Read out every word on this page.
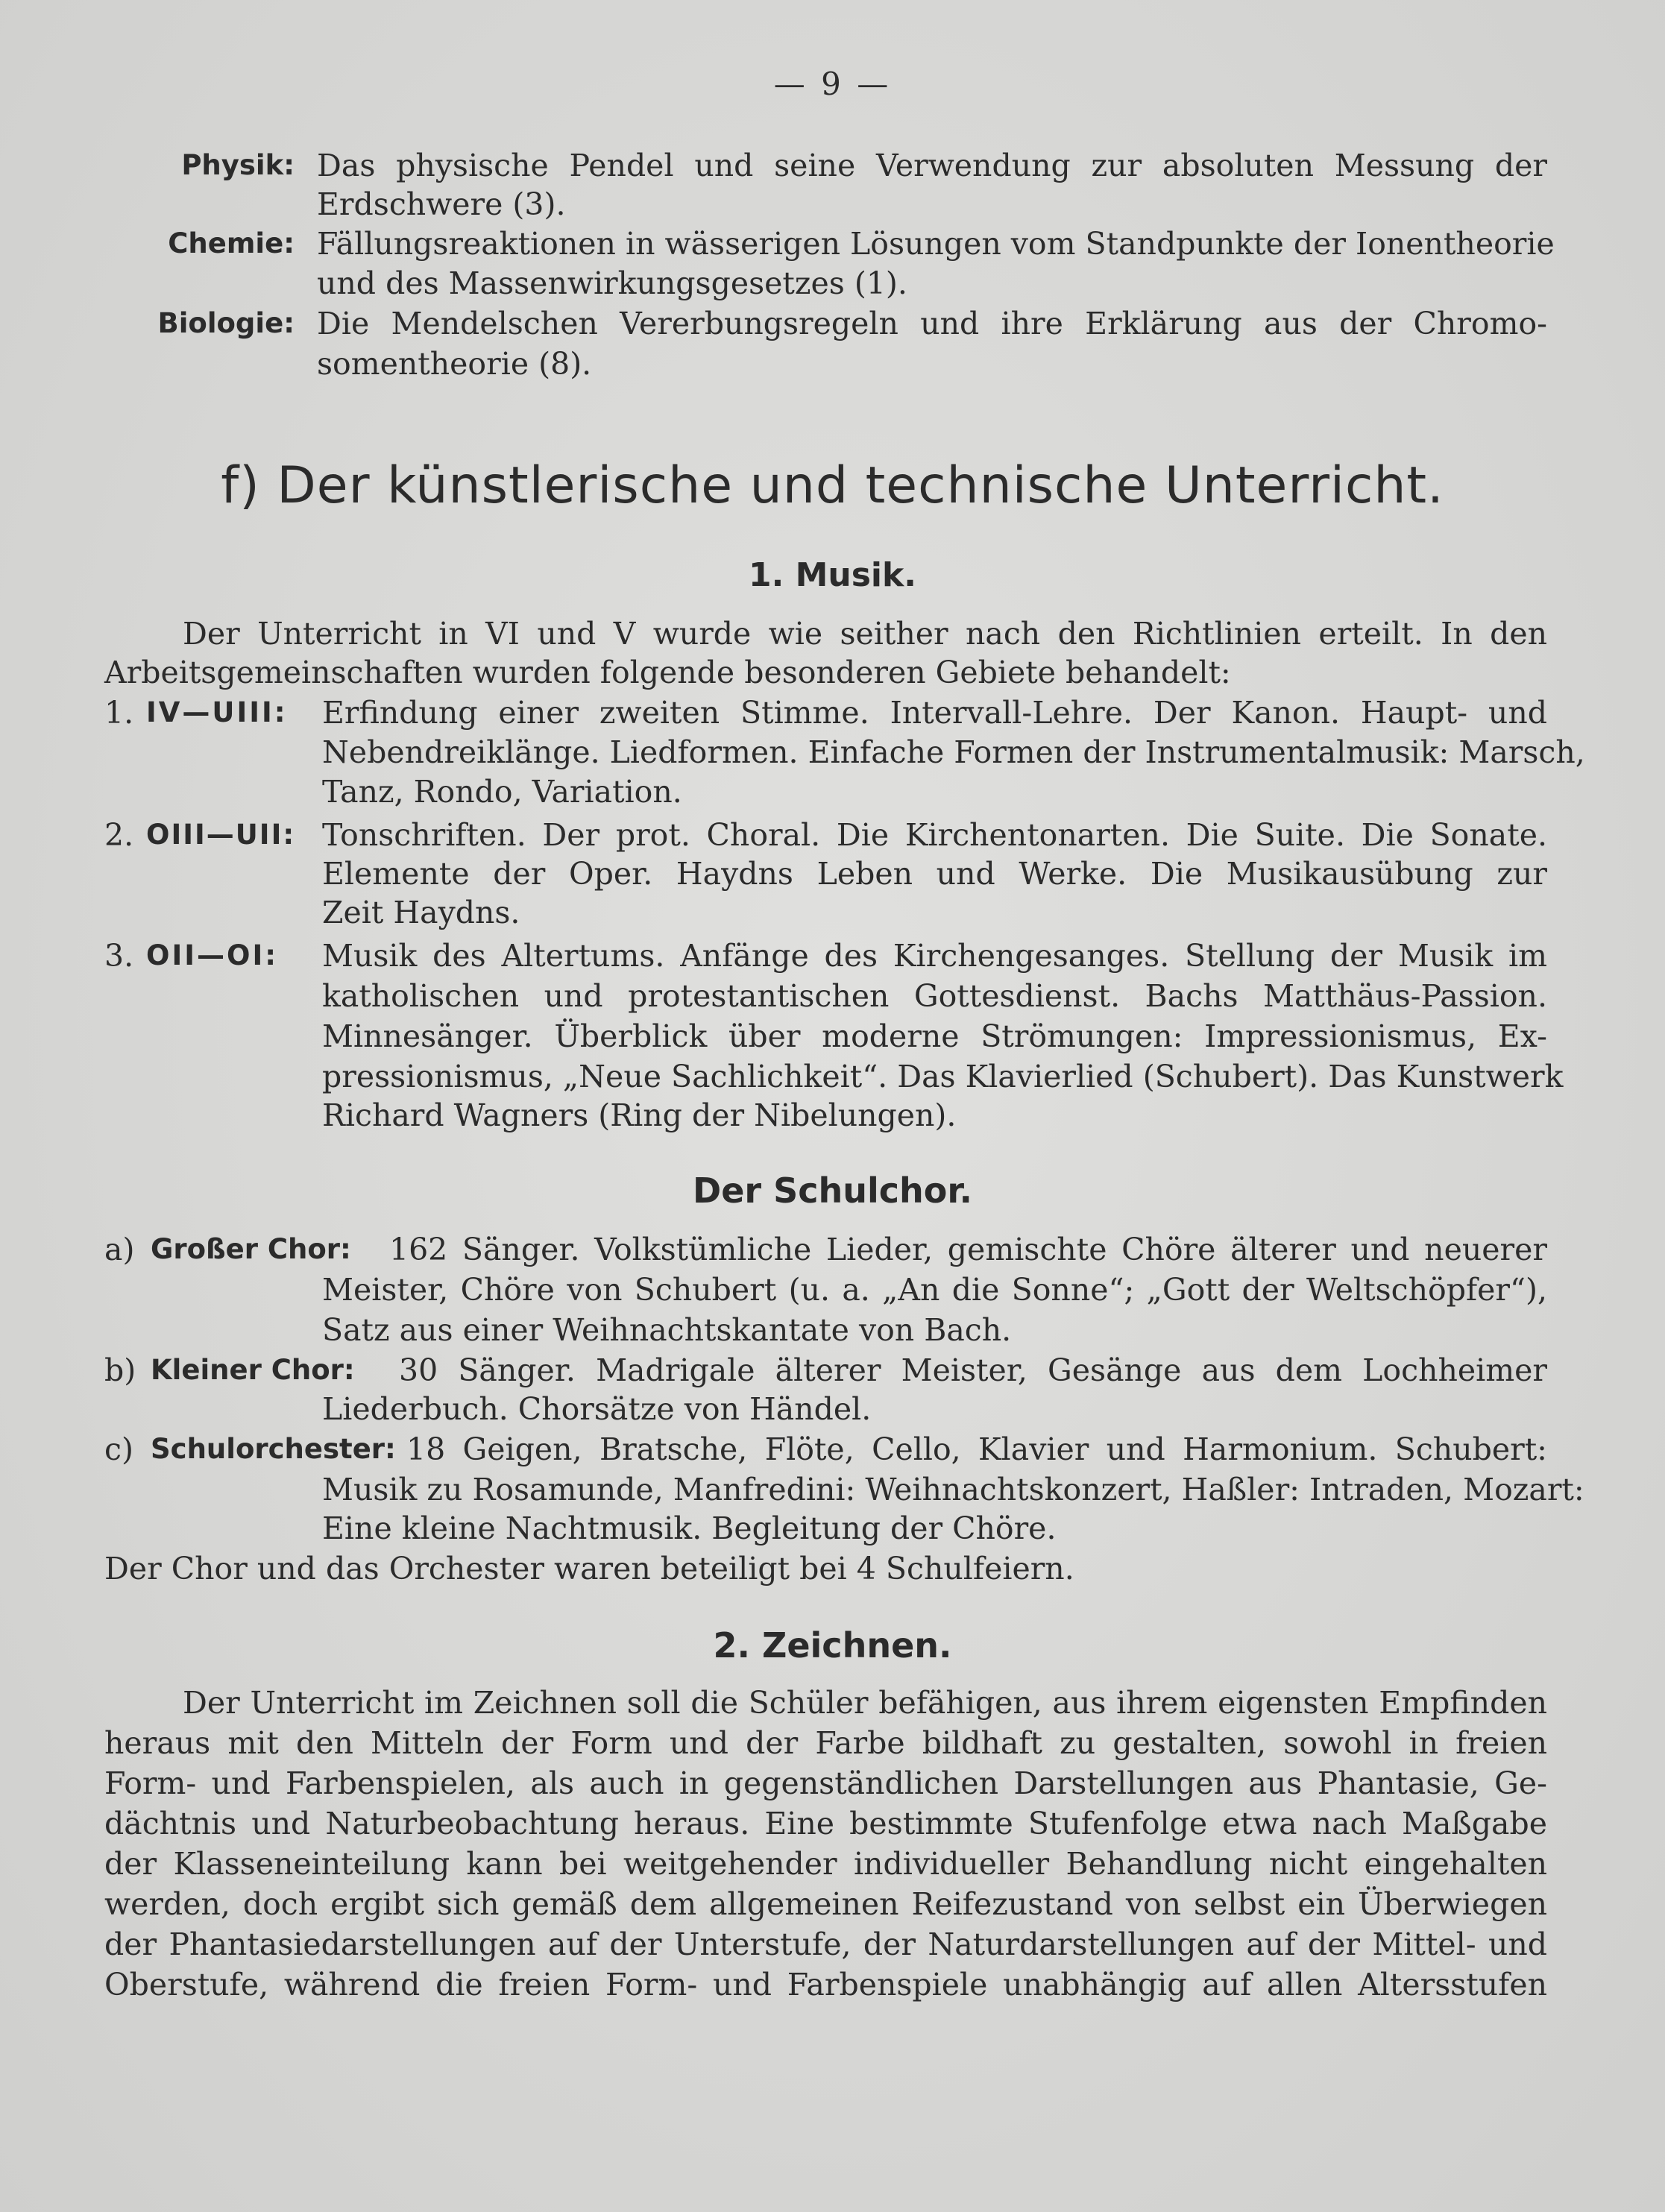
— 9 —
Physik: Das physische Pendel und seine Verwendung zur absoluten Messung der
Erdschwere (3).
Chemie: Fällungsreaktionen in wässerigen Lösungen vom Standpunkte der Ionentheorie
und des Massenwirkungsgesetzes (1).
Biologie: Die Mendelschen Vererbungsregeln und ihre Erklärung aus der Chromo-
somentheorie (8).
f) Der künstlerische und technische Unterricht.
1. Musik.
Der Unterricht in VI und V wurde wie seither nach den Richtlinien erteilt. In den
Arbeitsgemeinschaften wurden folgende besonderen Gebiete behandelt:
1. IV—UIII: Erfindung einer zweiten Stimme. Intervall-Lehre. Der Kanon. Haupt- und
Nebendreiklänge. Liedformen. Einfache Formen der Instrumentalmusik: Marsch,
Tanz, Rondo, Variation.
2. OIII—UII: Tonschriften. Der prot. Choral. Die Kirchentonarten. Die Suite. Die Sonate.
Elemente der Oper. Haydns Leben und Werke. Die Musikausübung zur
Zeit Haydns.
3. OII—OI: Musik des Altertums. Anfänge des Kirchengesanges. Stellung der Musik im
katholischen und protestantischen Gottesdienst. Bachs Matthäus-Passion.
Minnesänger. Überblick über moderne Strömungen: Impressionismus, Ex-
pressionismus, „Neue Sachlichkeit“. Das Klavierlied (Schubert). Das Kunstwerk
Richard Wagners (Ring der Nibelungen).
Der Schulchor.
a) Großer Chor: 162 Sänger. Volkstümliche Lieder, gemischte Chöre älterer und neuerer
Meister, Chöre von Schubert (u. a. „An die Sonne“; „Gott der Weltschöpfer“),
Satz aus einer Weihnachtskantate von Bach.
b) Kleiner Chor: 30 Sänger. Madrigale älterer Meister, Gesänge aus dem Lochheimer
Liederbuch. Chorsätze von Händel.
c) Schulorchester: 18 Geigen, Bratsche, Flöte, Cello, Klavier und Harmonium. Schubert:
Musik zu Rosamunde, Manfredini: Weihnachtskonzert, Haßler: Intraden, Mozart:
Eine kleine Nachtmusik. Begleitung der Chöre.
Der Chor und das Orchester waren beteiligt bei 4 Schulfeiern.
2. Zeichnen.
Der Unterricht im Zeichnen soll die Schüler befähigen, aus ihrem eigensten Empfinden
heraus mit den Mitteln der Form und der Farbe bildhaft zu gestalten, sowohl in freien
Form- und Farbenspielen, als auch in gegenständlichen Darstellungen aus Phantasie, Ge-
dächtnis und Naturbeobachtung heraus. Eine bestimmte Stufenfolge etwa nach Maßgabe
der Klasseneinteilung kann bei weitgehender individueller Behandlung nicht eingehalten
werden, doch ergibt sich gemäß dem allgemeinen Reifezustand von selbst ein Überwiegen
der Phantasiedarstellungen auf der Unterstufe, der Naturdarstellungen auf der Mittel- und
Oberstufe, während die freien Form- und Farbenspiele unabhängig auf allen Altersstufen
